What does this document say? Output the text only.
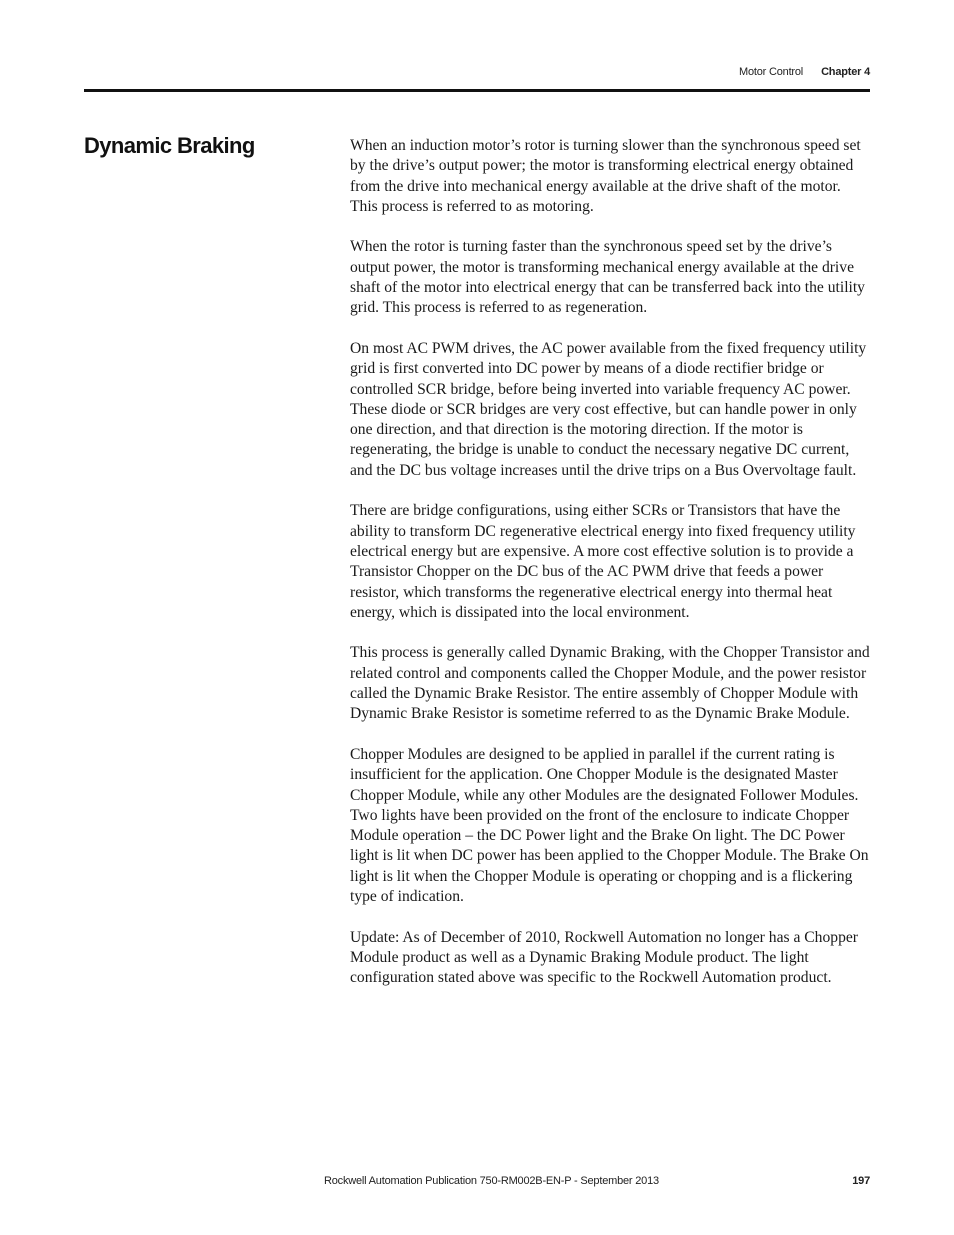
Motor Control Chapter 4
Dynamic Braking	When an induction motor’s rotor is turning slower than the synchronous speed set by the drive’s output power; the motor is transforming electrical energy obtained from the drive into mechanical energy available at the drive shaft of the motor. This process is referred to as motoring.

When the rotor is turning faster than the synchronous speed set by the drive’s output power, the motor is transforming mechanical energy available at the drive shaft of the motor into electrical energy that can be transferred back into the utility grid. This process is referred to as regeneration.

On most AC PWM drives, the AC power available from the fixed frequency utility grid is first converted into DC power by means of a diode rectifier bridge or controlled SCR bridge, before being inverted into variable frequency AC power. These diode or SCR bridges are very cost effective, but can handle power in only one direction, and that direction is the motoring direction. If the motor is regenerating, the bridge is unable to conduct the necessary negative DC current, and the DC bus voltage increases until the drive trips on a Bus Overvoltage fault.

There are bridge configurations, using either SCRs or Transistors that have the ability to transform DC regenerative electrical energy into fixed frequency utility electrical energy but are expensive. A more cost effective solution is to provide a Transistor Chopper on the DC bus of the AC PWM drive that feeds a power resistor, which transforms the regenerative electrical energy into thermal heat energy, which is dissipated into the local environment.

This process is generally called Dynamic Braking, with the Chopper Transistor and related control and components called the Chopper Module, and the power resistor called the Dynamic Brake Resistor. The entire assembly of Chopper Module with Dynamic Brake Resistor is sometime referred to as the Dynamic Brake Module.

Chopper Modules are designed to be applied in parallel if the current rating is insufficient for the application. One Chopper Module is the designated Master Chopper Module, while any other Modules are the designated Follower Modules. Two lights have been provided on the front of the enclosure to indicate Chopper Module operation – the DC Power light and the Brake On light. The DC Power light is lit when DC power has been applied to the Chopper Module. The Brake On light is lit when the Chopper Module is operating or chopping and is a flickering type of indication.

Update: As of December of 2010, Rockwell Automation no longer has a Chopper Module product as well as a Dynamic Braking Module product. The light configuration stated above was specific to the Rockwell Automation product.

Rockwell Automation Publication 750-RM002B-EN-P - September 2013	197
